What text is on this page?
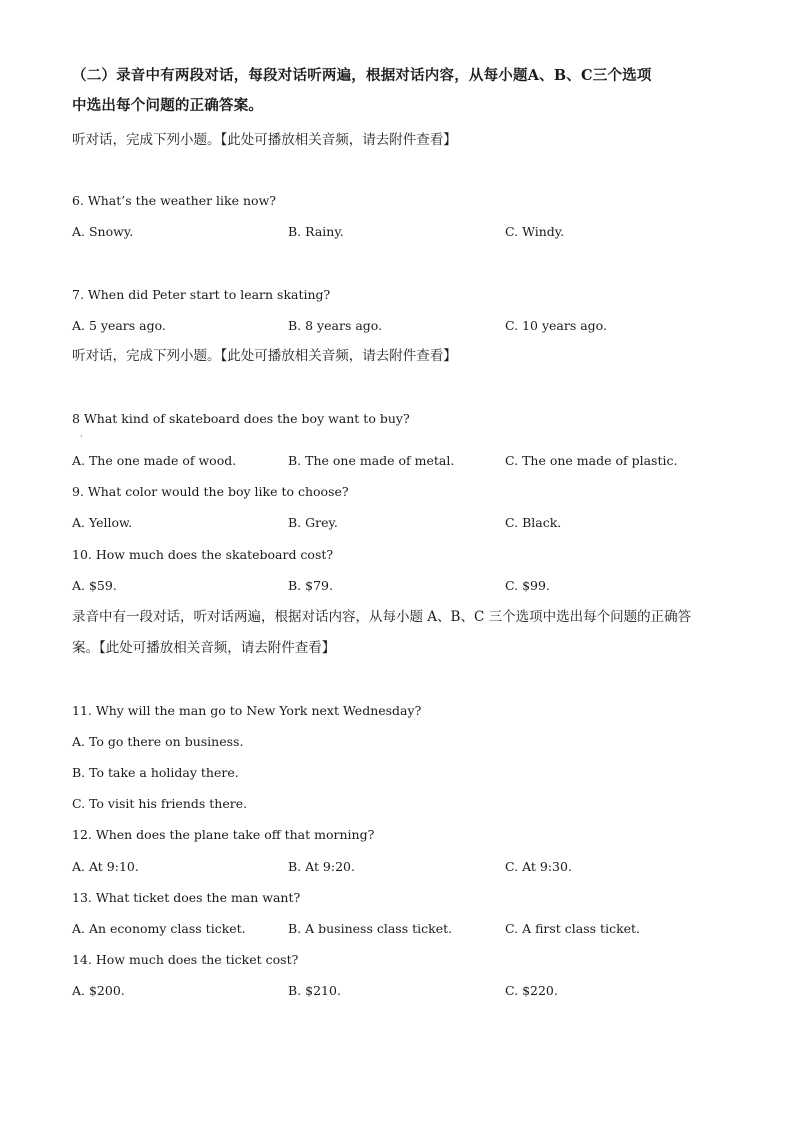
（二）录音中有两段对话，每段对话听两遍，根据对话内容，从每小题A、B、C三个选项
中选出每个问题的正确答案。
听对话，完成下列小题。【此处可播放相关音频，请去附件查看】
6. What’s the weather like now?
A. Snowy.	B. Rainy.	C. Windy.
7. When did Peter start to learn skating?
A. 5 years ago.	B. 8 years ago.	C. 10 years ago.
听对话，完成下列小题。【此处可播放相关音频，请去附件查看】
8 What kind of skateboard does the boy want to buy?
·
A. The one made of wood.	B. The one made of metal.	C. The one made of plastic.
9. What color would the boy like to choose?
A. Yellow.	B. Grey.	C. Black.
10. How much does the skateboard cost?
A. $59.	B. $79.	C. $99.
录音中有一段对话，听对话两遍，根据对话内容，从每小题 A、B、C 三个选项中选出每个问题的正确答
案。【此处可播放相关音频，请去附件查看】
11. Why will the man go to New York next Wednesday?
A. To go there on business.
B. To take a holiday there.
C. To visit his friends there.
12. When does the plane take off that morning?
A. At 9:10.	B. At 9:20.	C. At 9:30.
13. What ticket does the man want?
A. An economy class ticket.	B. A business class ticket.	C. A first class ticket.
14. How much does the ticket cost?
A. $200.	B. $210.	C. $220.
